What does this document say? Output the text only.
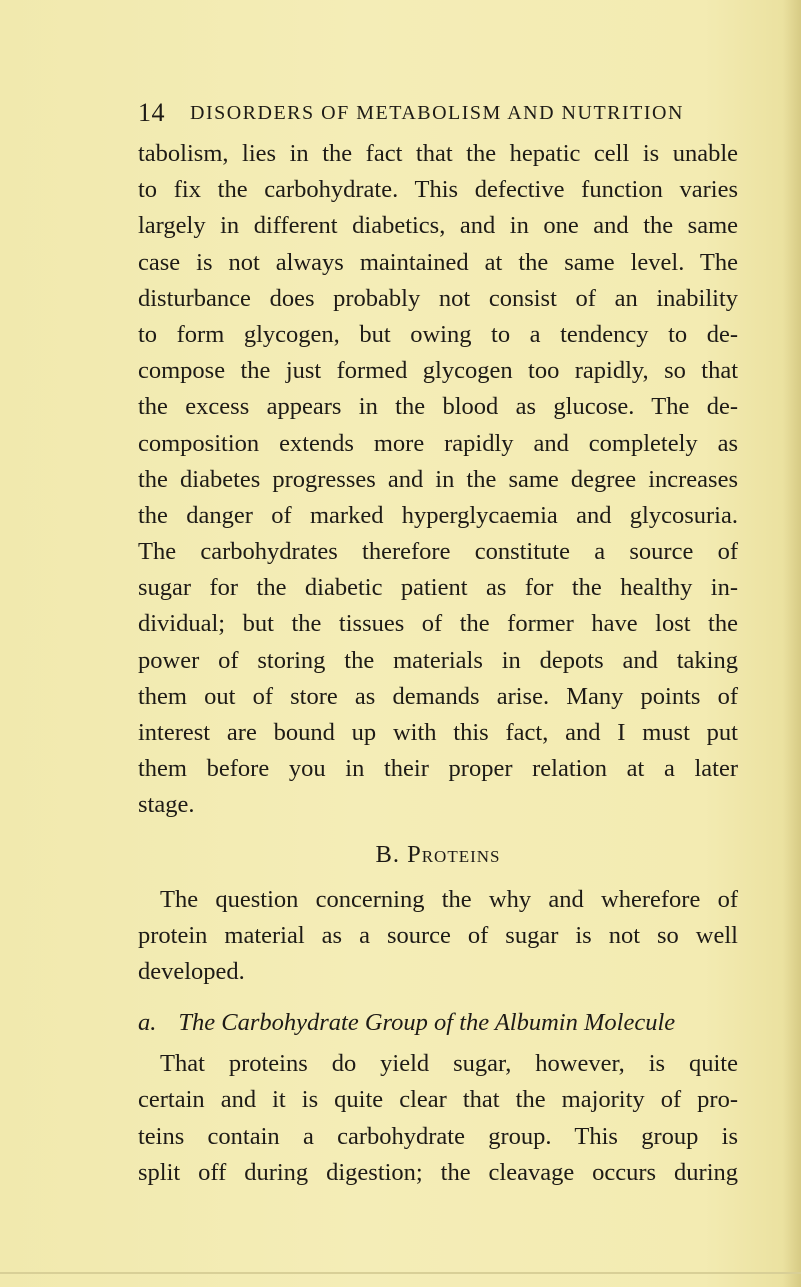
14 DISORDERS OF METABOLISM AND NUTRITION
tabolism, lies in the fact that the hepatic cell is unable
to fix the carbohydrate. This defective function varies
largely in different diabetics, and in one and the same
case is not always maintained at the same level. The
disturbance does probably not consist of an inability
to form glycogen, but owing to a tendency to de-
compose the just formed glycogen too rapidly, so that
the excess appears in the blood as glucose. The de-
composition extends more rapidly and completely as
the diabetes progresses and in the same degree increases
the danger of marked hyperglycaemia and glycosuria.
The carbohydrates therefore constitute a source of
sugar for the diabetic patient as for the healthy in-
dividual; but the tissues of the former have lost the
power of storing the materials in depots and taking
them out of store as demands arise. Many points of
interest are bound up with this fact, and I must put
them before you in their proper relation at a later
stage.
B. Proteins
The question concerning the why and wherefore of
protein material as a source of sugar is not so well
developed.
a. The Carbohydrate Group of the Albumin Molecule
That proteins do yield sugar, however, is quite
certain and it is quite clear that the majority of pro-
teins contain a carbohydrate group. This group is
split off during digestion; the cleavage occurs during
